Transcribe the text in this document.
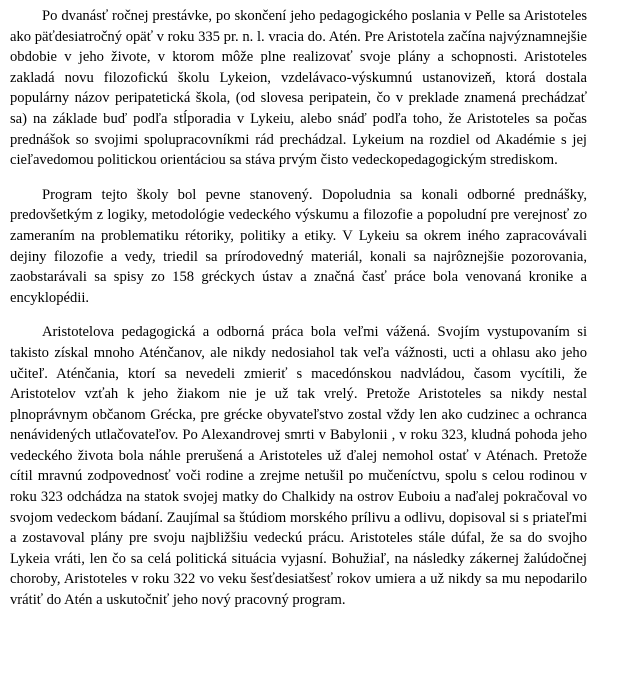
Po dvanásť ročnej prestávke, po skončení jeho pedagogického poslania v Pelle sa Aristoteles ako päťdesiatročný opäť v roku 335 pr. n. l. vracia do. Atén. Pre Aristotela začína najvýznamnejšie obdobie v jeho živote, v ktorom môže plne realizovať svoje plány a schopnosti. Aristoteles zakladá novu filozofickú školu Lykeion, vzdelávaco-výskumnú ustanovizeň, ktorá dostala populárny názov peripatetická škola, (od slovesa peripatein, čo v preklade znamená prechádzať sa) na základe buď podľa stĺporadia v Lykeiu, alebo snáď podľa toho, že Aristoteles sa počas prednášok so svojimi spolupracovníkmi rád prechádzal. Lykeium na rozdiel od Akadémie s jej cieľavedomou politickou orientáciou sa stáva prvým čisto vedeckopedagogickým strediskom.

Program tejto školy bol pevne stanovený. Dopoludnia sa konali odborné prednášky, predovšetkým z logiky, metodológie vedeckého výskumu a filozofie a popoludní pre verejnosť zo zameraním na problematiku rétoriky, politiky a etiky. V Lykeiu sa okrem iného zapracovávali dejiny filozofie a vedy, triedil sa prírodovedný materiál, konali sa najrôznejšie pozorovania, zaobstarávali sa spisy zo 158 gréckych ústav a značná časť práce bola venovaná kronike a encyklopédii.

Aristotelova pedagogická a odborná práca bola veľmi vážená. Svojím vystupovaním si takisto získal mnoho Aténčanov, ale nikdy nedosiahol tak veľa vážnosti, ucti a ohlasu ako jeho učiteľ. Aténčania, ktorí sa nevedeli zmieriť s macedónskou nadvládou, časom vycítili, že Aristotelov vzťah k jeho žiakom nie je už tak vrelý. Pretože Aristoteles sa nikdy nestal plnoprávnym občanom Grécka, pre grécke obyvateľstvo zostal vždy len ako cudzinec a ochranca nenávidených utlačovateľov. Po Alexandrovej smrti v Babylonii , v roku 323, kludná pohoda jeho vedeckého života bola náhle prerušená a Aristoteles už ďalej nemohol ostať v Aténach. Pretože cítil mravnú zodpovednosť voči rodine a zrejme netušil po mučeníctvu, spolu s celou rodinou v roku 323 odchádza na statok svojej matky do Chalkidy na ostrov Euboiu a naďalej pokračoval vo svojom vedeckom bádaní. Zaujímal sa štúdiom morského prílivu a odlivu, dopisoval si s priateľmi a zostavoval plány pre svoju najbližšiu vedeckú prácu. Aristoteles stále dúfal, že sa do svojho Lykeia vráti, len čo sa celá politická situácia vyjasní. Bohužiaľ, na následky zákernej žalúdočnej choroby, Aristoteles v roku 322 vo veku šesťdesiatšesť rokov umiera a už nikdy sa mu nepodarilo vrátiť do Atén a uskutočniť jeho nový pracovný program.
